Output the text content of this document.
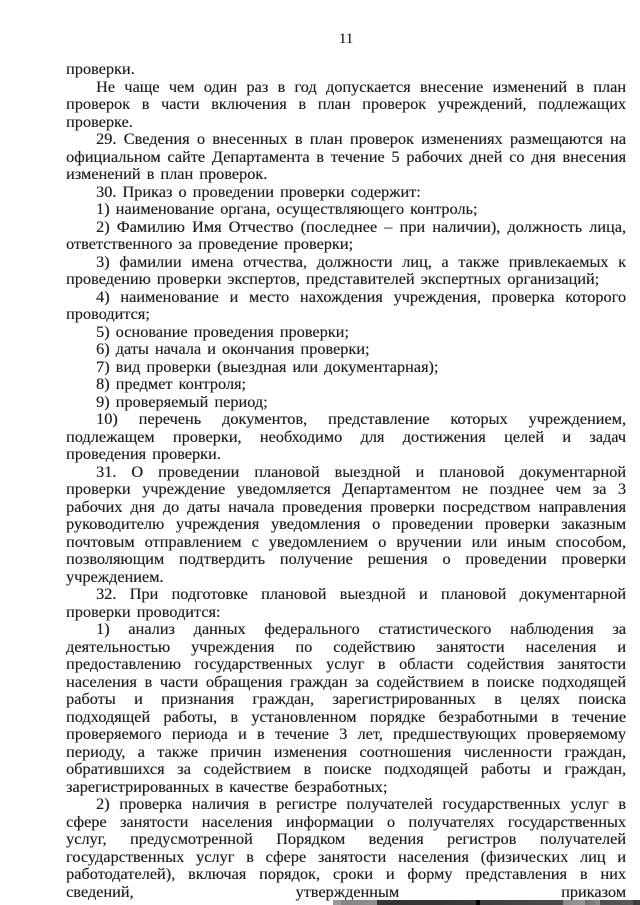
11

проверки.

Не чаще чем один раз в год допускается внесение изменений в план проверок в части включения в план проверок учреждений, подлежащих проверке.

29. Сведения о внесенных в план проверок изменениях размещаются на официальном сайте Департамента в течение 5 рабочих дней со дня внесения изменений в план проверок.

30. Приказ о проведении проверки содержит:

1) наименование органа, осуществляющего контроль;

2) Фамилию Имя Отчество (последнее – при наличии), должность лица, ответственного за проведение проверки;

3) фамилии имена отчества, должности лиц, а также привлекаемых к проведению проверки экспертов, представителей экспертных организаций;

4) наименование и место нахождения учреждения, проверка которого проводится;

5) основание проведения проверки;

6) даты начала и окончания проверки;

7) вид проверки (выездная или документарная);

8) предмет контроля;

9) проверяемый период;

10) перечень документов, представление которых учреждением, подлежащем проверки, необходимо для достижения целей и задач проведения проверки.

31. О проведении плановой выездной и плановой документарной проверки учреждение уведомляется Департаментом не позднее чем за 3 рабочих дня до даты начала проведения проверки посредством направления руководителю учреждения уведомления о проведении проверки заказным почтовым отправлением с уведомлением о вручении или иным способом, позволяющим подтвердить получение решения о проведении проверки учреждением.

32. При подготовке плановой выездной и плановой документарной проверки проводится:

1) анализ данных федерального статистического наблюдения за деятельностью учреждения по содействию занятости населения и предоставлению государственных услуг в области содействия занятости населения в части обращения граждан за содействием в поиске подходящей работы и признания граждан, зарегистрированных в целях поиска подходящей работы, в установленном порядке безработными в течение проверяемого периода и в течение 3 лет, предшествующих проверяемому периоду, а также причин изменения соотношения численности граждан, обратившихся за содействием в поиске подходящей работы и граждан, зарегистрированных в качестве безработных;

2) проверка наличия в регистре получателей государственных услуг в сфере занятости населения информации о получателях государственных услуг, предусмотренной Порядком ведения регистров получателей государственных услуг в сфере занятости населения (физических лиц и работодателей), включая порядок, сроки и форму представления в них сведений, утвержденным приказом
